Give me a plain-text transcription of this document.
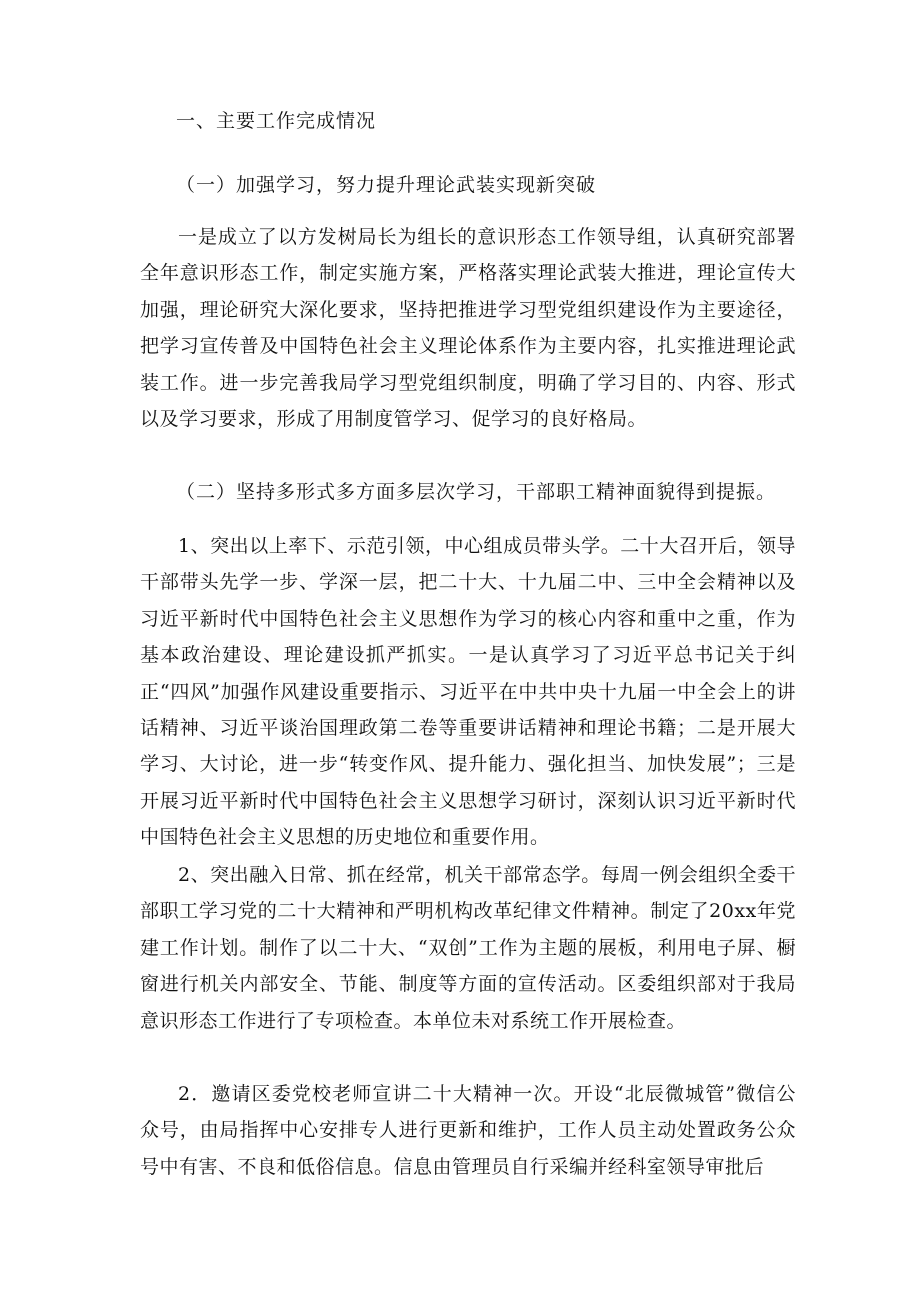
一、主要工作完成情况
（一）加强学习，努力提升理论武装实现新突破
一是成立了以方发树局长为组长的意识形态工作领导组，认真研究部署全年意识形态工作，制定实施方案，严格落实理论武装大推进，理论宣传大加强，理论研究大深化要求，坚持把推进学习型党组织建设作为主要途径，把学习宣传普及中国特色社会主义理论体系作为主要内容，扎实推进理论武装工作。进一步完善我局学习型党组织制度，明确了学习目的、内容、形式以及学习要求，形成了用制度管学习、促学习的良好格局。
（二）坚持多形式多方面多层次学习，干部职工精神面貌得到提振。
1、突出以上率下、示范引领，中心组成员带头学。二十大召开后，领导干部带头先学一步、学深一层，把二十大、十九届二中、三中全会精神以及习近平新时代中国特色社会主义思想作为学习的核心内容和重中之重，作为基本政治建设、理论建设抓严抓实。一是认真学习了习近平总书记关于纠正“四风”加强作风建设重要指示、习近平在中共中央十九届一中全会上的讲话精神、习近平谈治国理政第二卷等重要讲话精神和理论书籍；二是开展大学习、大讨论，进一步“转变作风、提升能力、强化担当、加快发展”；三是开展习近平新时代中国特色社会主义思想学习研讨，深刻认识习近平新时代中国特色社会主义思想的历史地位和重要作用。
2、突出融入日常、抓在经常，机关干部常态学。每周一例会组织全委干部职工学习党的二十大精神和严明机构改革纪律文件精神。制定了20xx年党建工作计划。制作了以二十大、“双创”工作为主题的展板，利用电子屏、橱窗进行机关内部安全、节能、制度等方面的宣传活动。区委组织部对于我局意识形态工作进行了专项检查。本单位未对系统工作开展检查。
2．邀请区委党校老师宣讲二十大精神一次。开设“北辰微城管”微信公众号，由局指挥中心安排专人进行更新和维护，工作人员主动处置政务公众号中有害、不良和低俗信息。信息由管理员自行采编并经科室领导审批后
